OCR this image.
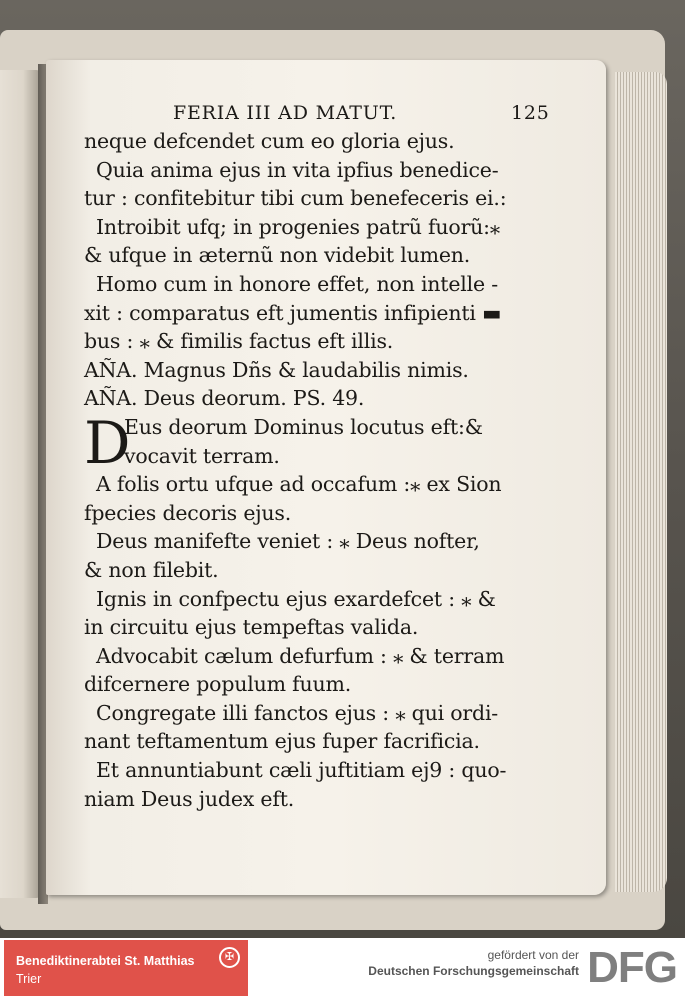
FERIA III AD MATUT.	125
neque defcendet cum eo gloria ejus.
Quia anima ejus in vita ipfius benedice-
tur : confitebitur tibi cum benefeceris ei.:
Introibit ufq; in progenies patrũ fuorũ:⁎
& ufque in æternũ non videbit lumen.
Homo cum in honore effet, non intelle -
xit : comparatus eft jumentis infipienti ▬
bus : ⁎ & fimilis factus eft illis.
AÑA. Magnus Dñs & laudabilis nimis.
AÑA. Deus deorum. PS. 49.
D
Eus deorum Dominus locutus eft:&
vocavit terram.
A folis ortu ufque ad occafum :⁎ ex Sion
fpecies decoris ejus.
Deus manifefte veniet : ⁎ Deus nofter,
& non filebit.
Ignis in confpectu ejus exardefcet : ⁎ &
in circuitu ejus tempeftas valida.
Advocabit cælum defurfum : ⁎ & terram
difcernere populum fuum.
Congregate illi fanctos ejus : ⁎ qui ordi-
nant teftamentum ejus fuper facrificia.
Et annuntiabunt cæli juftitiam ej9 : quo-
niam Deus judex eft.
Benediktinerabtei St. Matthias
Trier
✠	gefördert von der
Deutschen Forschungsgemeinschaft DFG
